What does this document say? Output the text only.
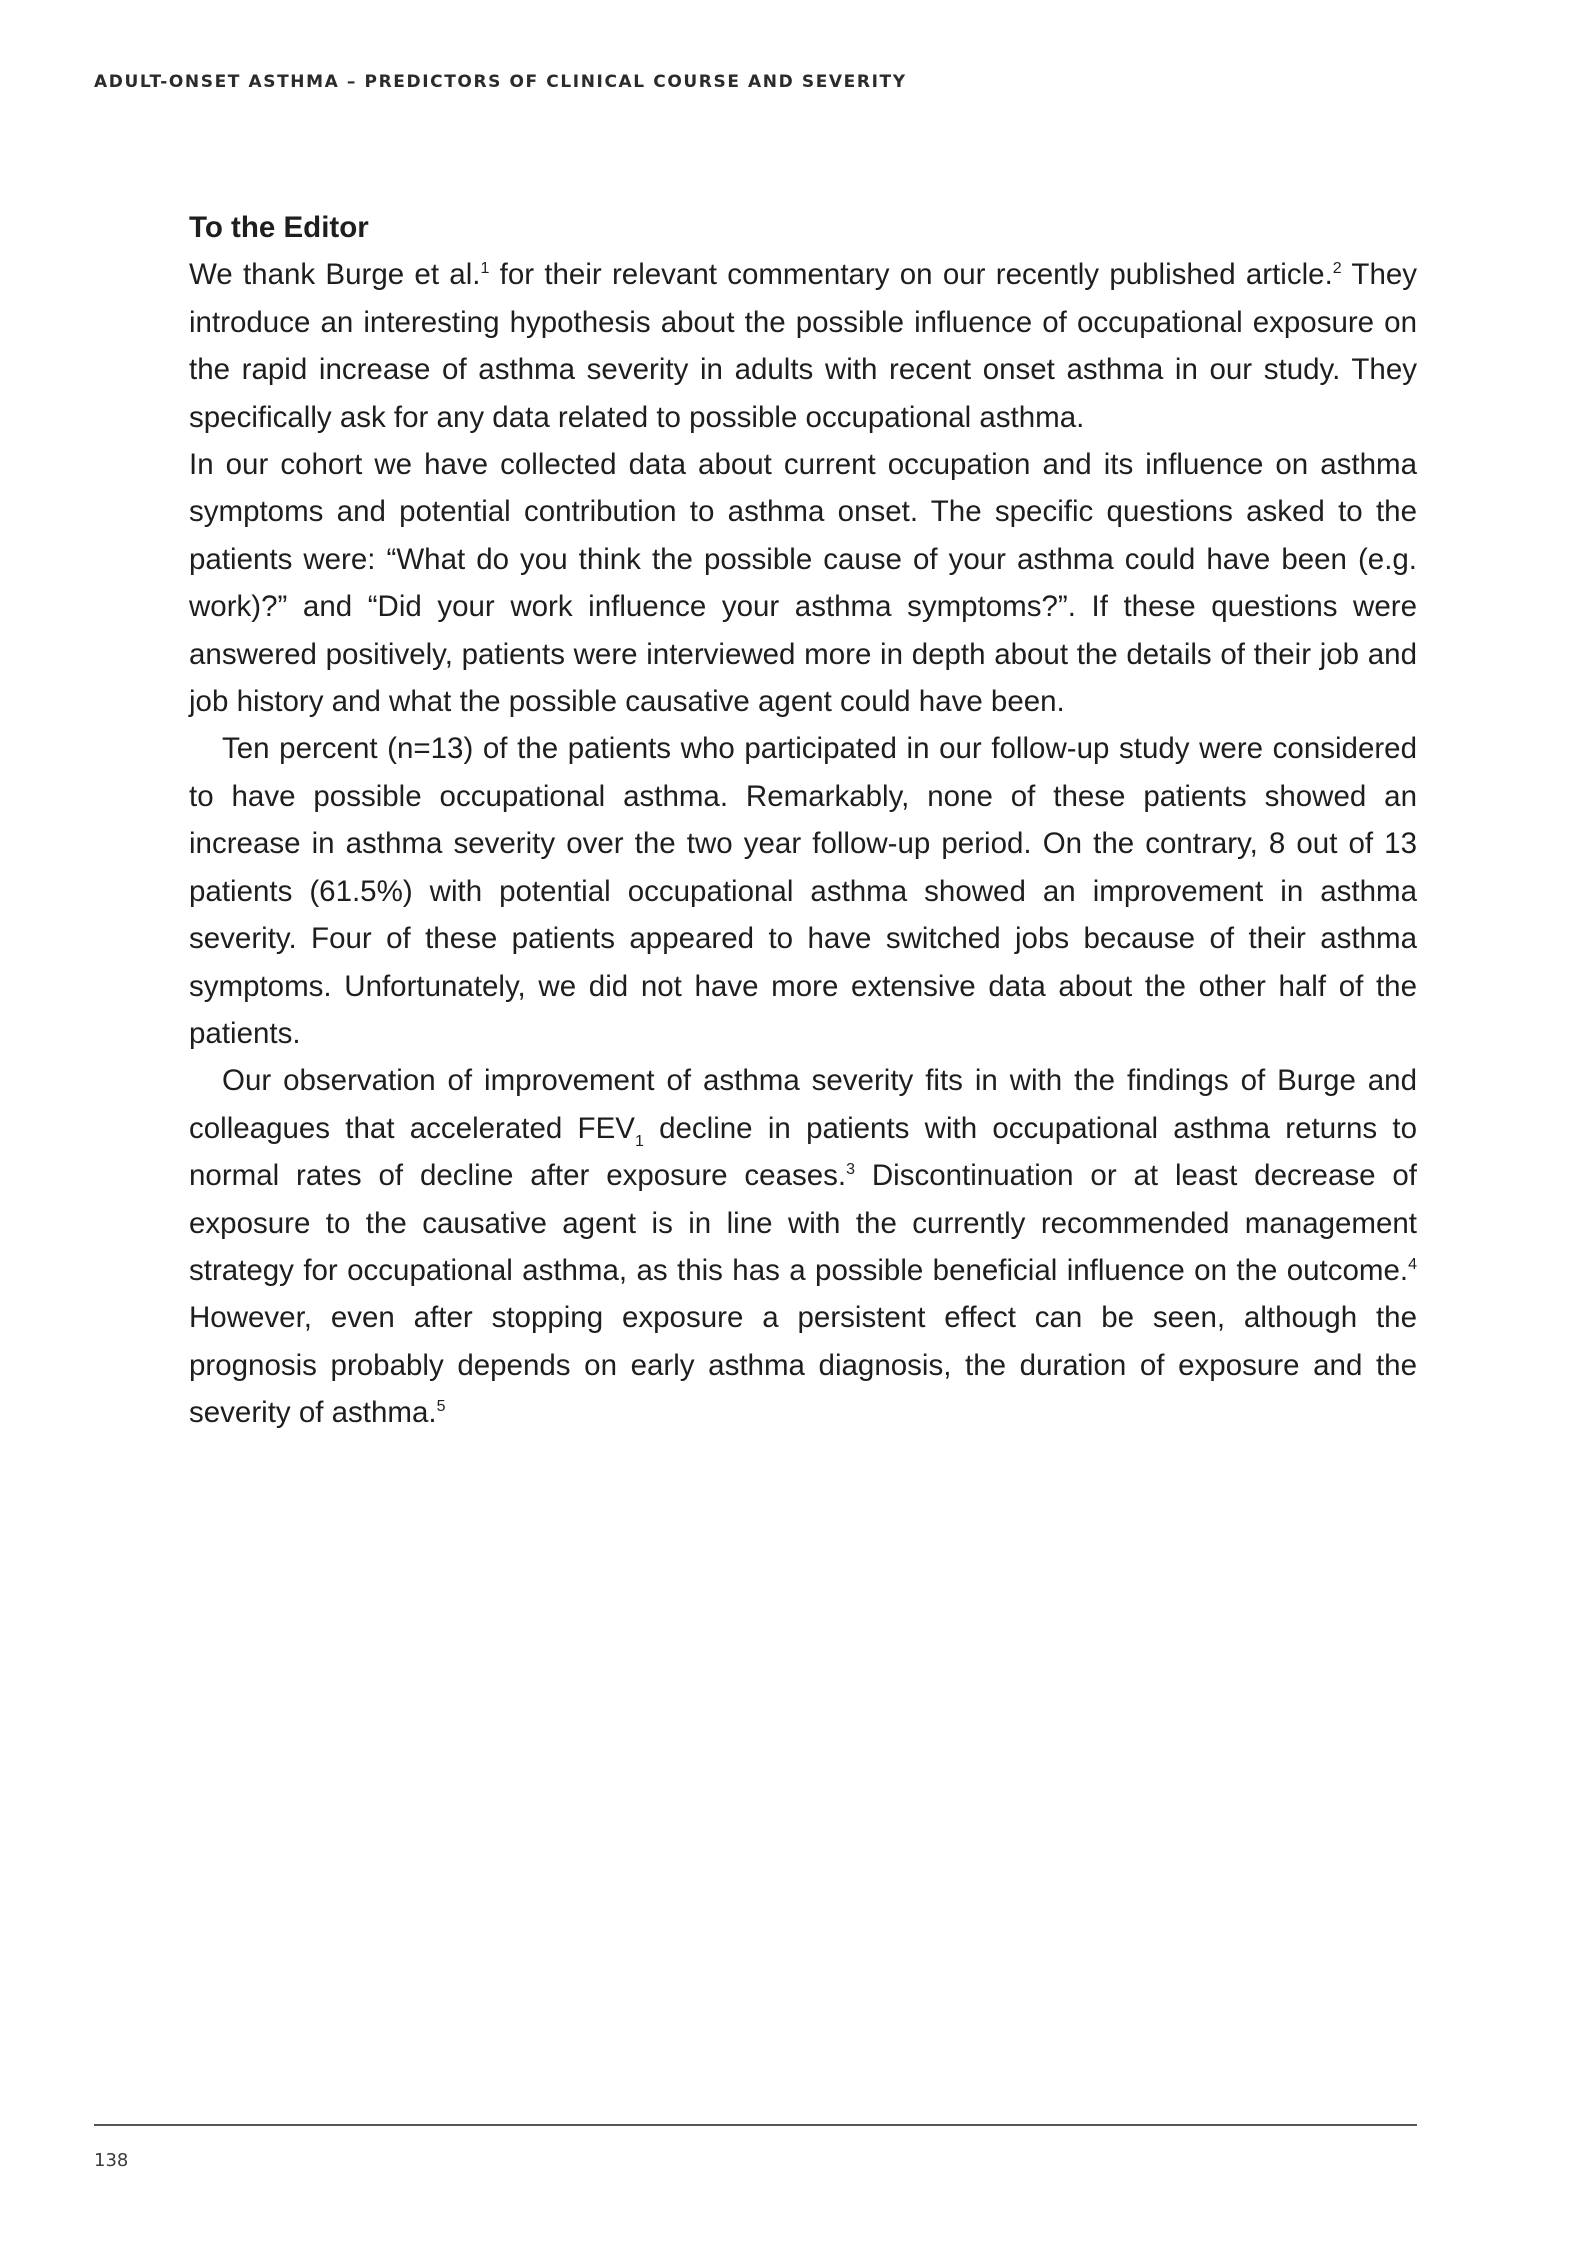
ADULT-ONSET ASTHMA – PREDICTORS OF CLINICAL COURSE AND SEVERITY
To the Editor

We thank Burge et al.$^1$ for their relevant commentary on our recently published article.$^2$ They introduce an interesting hypothesis about the possible influence of occupational exposure on the rapid increase of asthma severity in adults with recent onset asthma in our study. They specifically ask for any data related to possible occupational asthma.

In our cohort we have collected data about current occupation and its influence on asthma symptoms and potential contribution to asthma onset. The specific questions asked to the patients were: “What do you think the possible cause of your asthma could have been (e.g. work)?” and “Did your work influence your asthma symptoms?”. If these questions were answered positively, patients were interviewed more in depth about the details of their job and job history and what the possible causative agent could have been.

Ten percent (n=13) of the patients who participated in our follow-up study were considered to have possible occupational asthma. Remarkably, none of these patients showed an increase in asthma severity over the two year follow-up period. On the contrary, 8 out of 13 patients (61.5%) with potential occupational asthma showed an improvement in asthma severity. Four of these patients appeared to have switched jobs because of their asthma symptoms. Unfortunately, we did not have more extensive data about the other half of the patients.

Our observation of improvement of asthma severity fits in with the findings of Burge and colleagues that accelerated $FEV_1$ decline in patients with occupational asthma returns to normal rates of decline after exposure ceases.$^3$ Discontinuation or at least decrease of exposure to the causative agent is in line with the currently recommended management strategy for occupational asthma, as this has a possible beneficial influence on the outcome.$^4$ However, even after stopping exposure a persistent effect can be seen, although the prognosis probably depends on early asthma diagnosis, the duration of exposure and the severity of asthma.$^5$

138
